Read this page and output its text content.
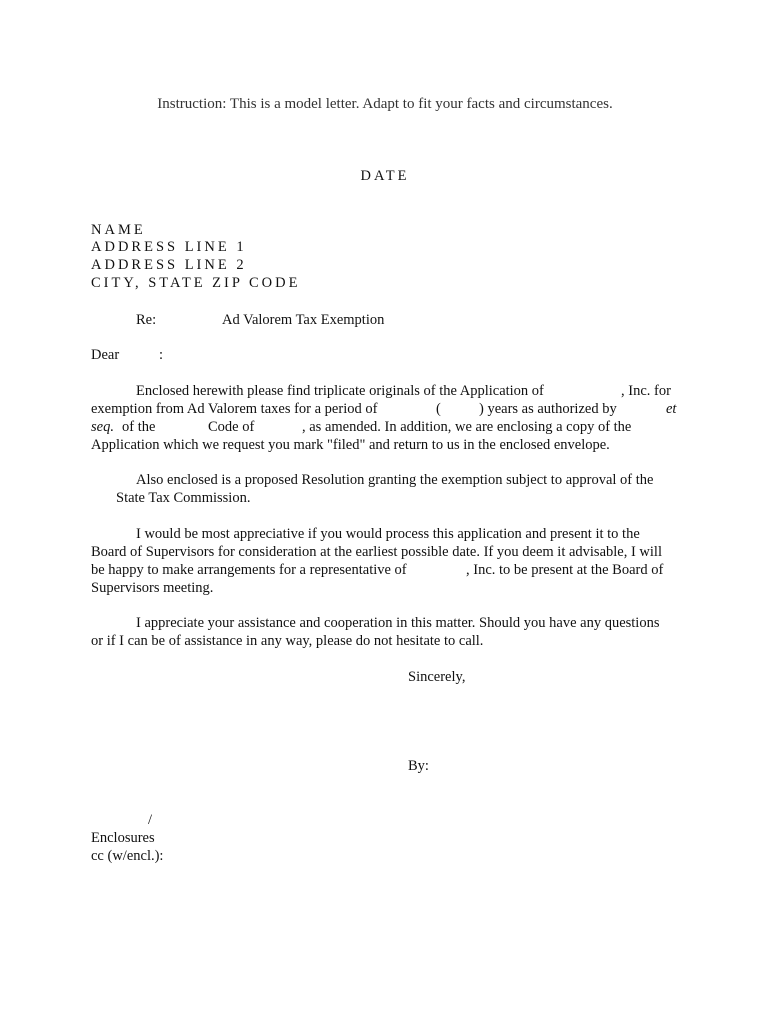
Instruction: This is a model letter. Adapt to fit your facts and circumstances.
DATE
NAME
ADDRESS LINE 1
ADDRESS LINE 2
CITY, STATE ZIP CODE
Re:	Ad Valorem Tax Exemption
Dear	:
Enclosed herewith please find triplicate originals of the Application of	, Inc. for
exemption from Ad Valorem taxes for a period of	(	) years as authorized by	et
seq. of the	Code of	, as amended. In addition, we are enclosing a copy of the
Application which we request you mark "filed" and return to us in the enclosed envelope.
Also enclosed is a proposed Resolution granting the exemption subject to approval of the
State Tax Commission.
I would be most appreciative if you would process this application and present it to the
Board of Supervisors for consideration at the earliest possible date. If you deem it advisable, I will
be happy to make arrangements for a representative of	, Inc. to be present at the Board of
Supervisors meeting.
I appreciate your assistance and cooperation in this matter. Should you have any questions
or if I can be of assistance in any way, please do not hesitate to call.
Sincerely,
By:
/
Enclosures
cc (w/encl.):
